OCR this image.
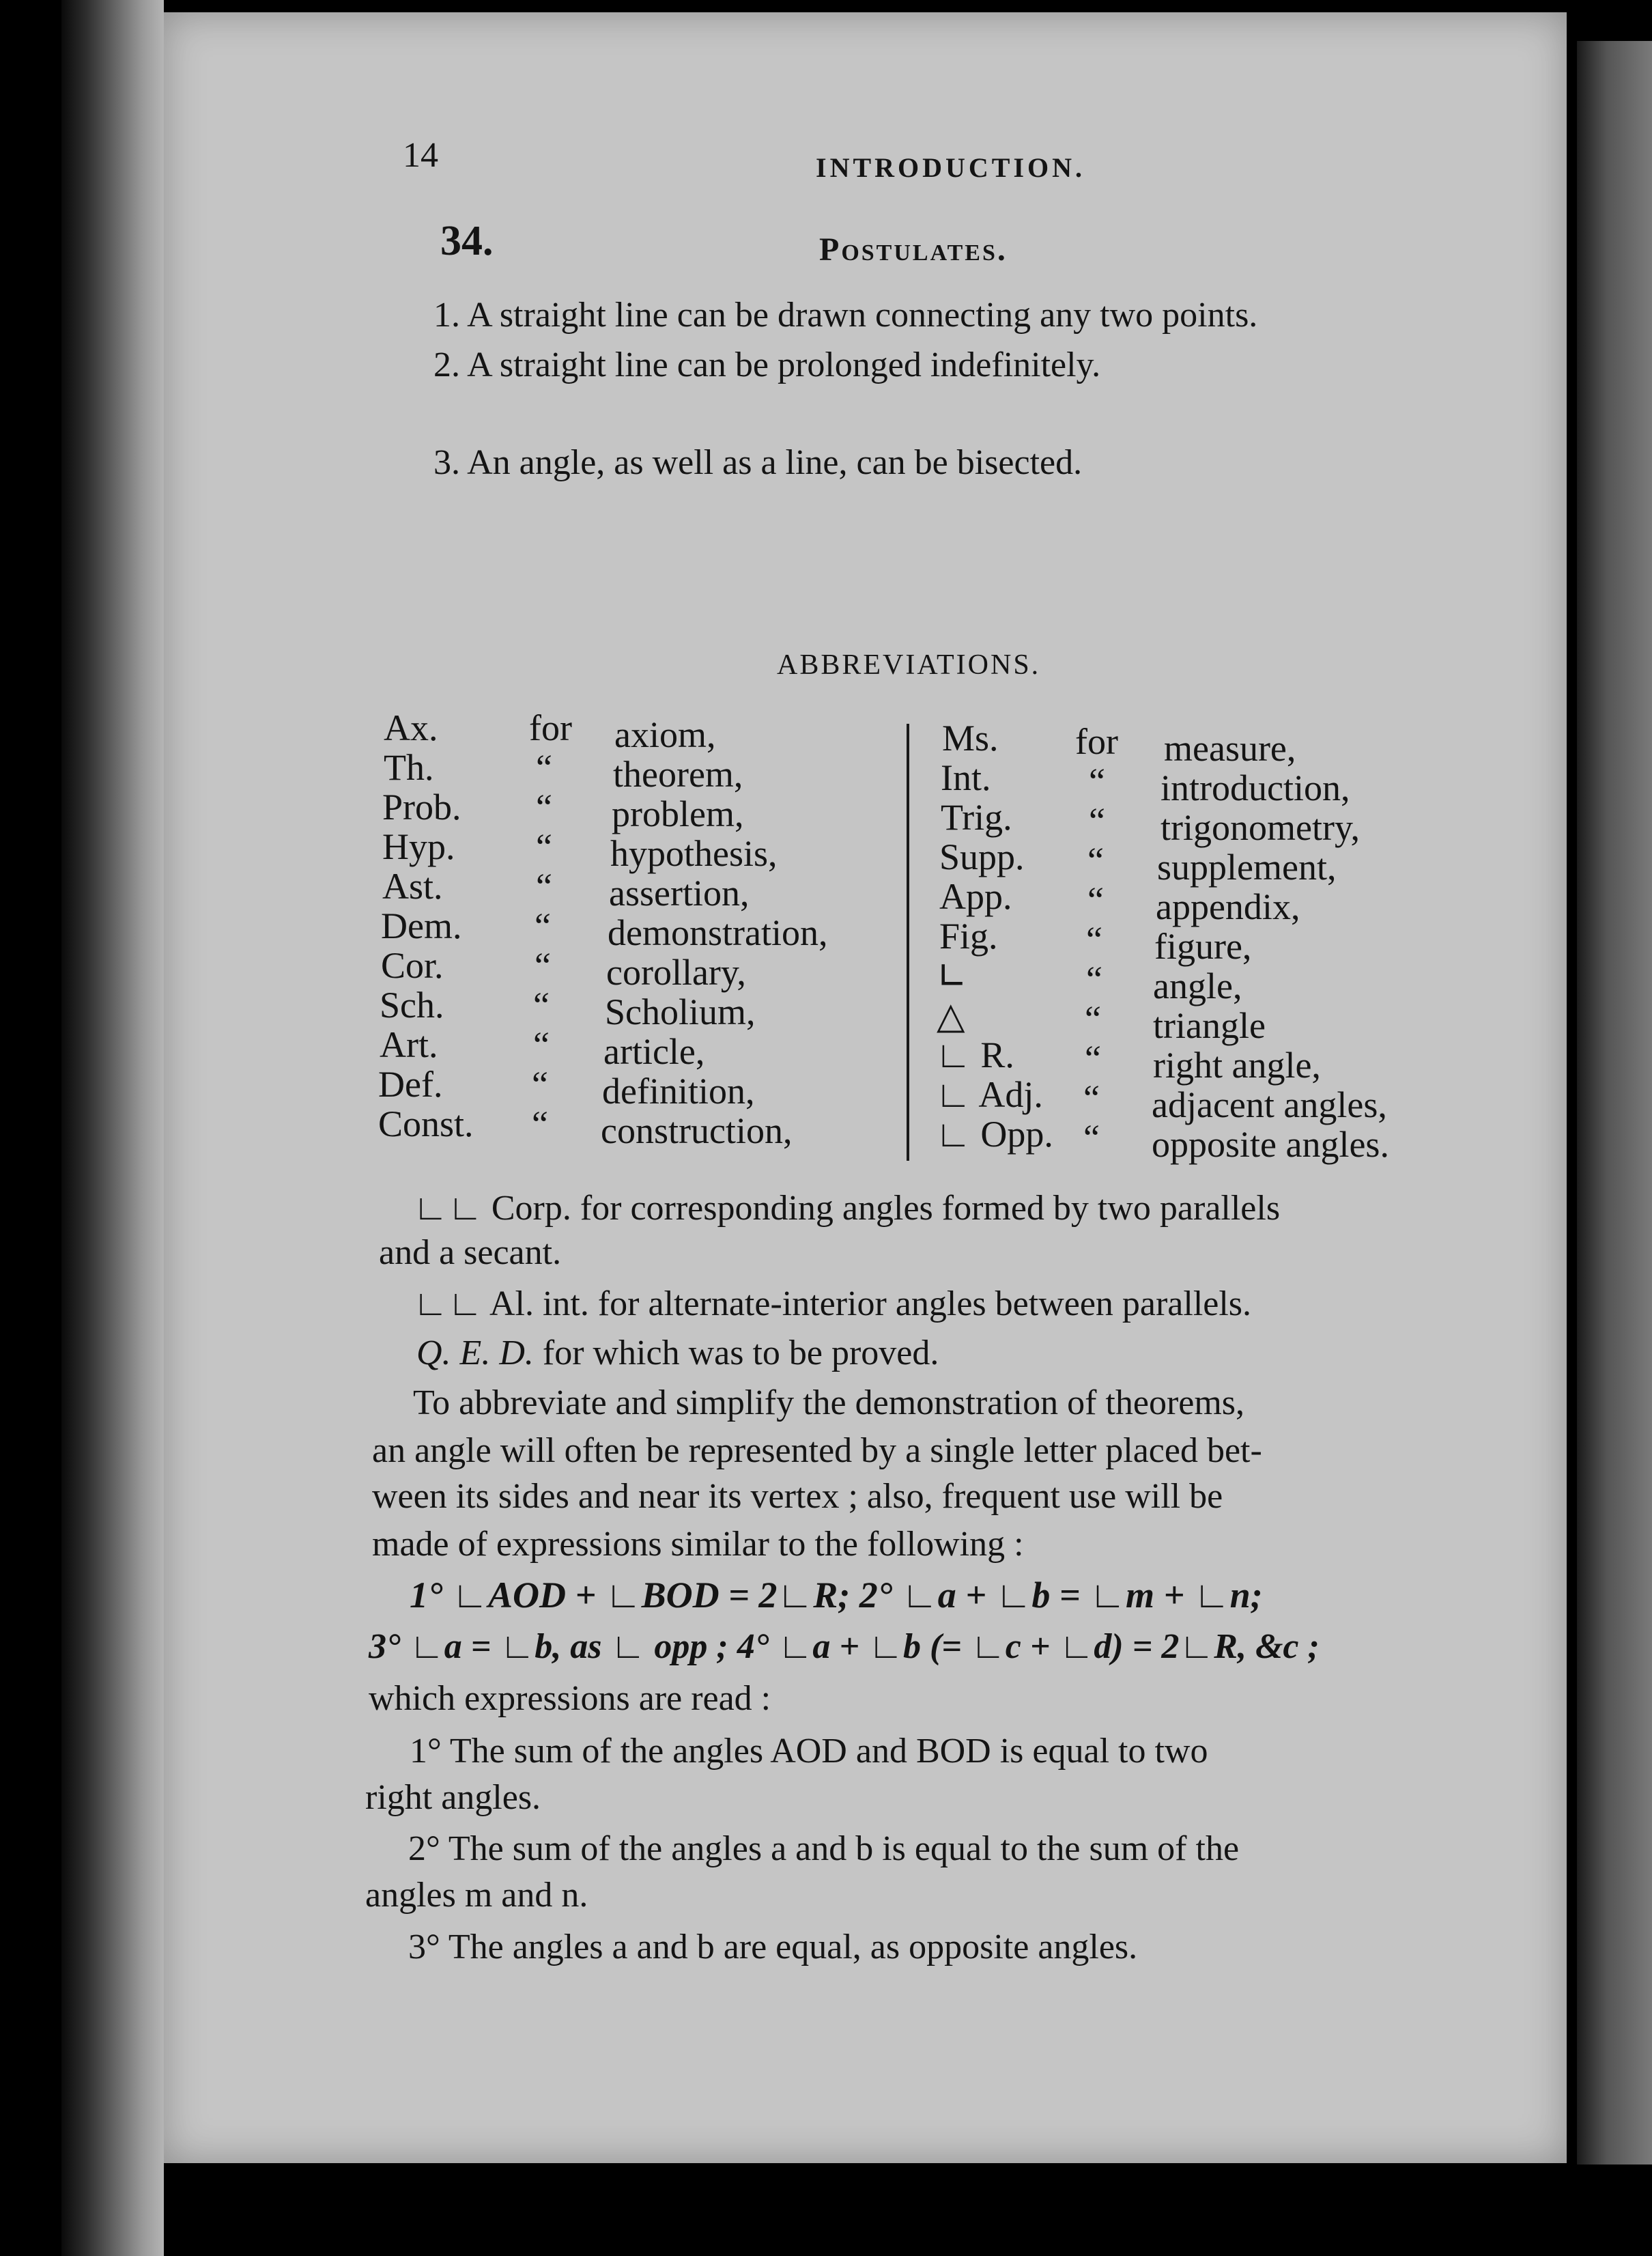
14	INTRODUCTION.
34.	Postulates.
1. A straight line can be drawn connecting any two points.
2. A straight line can be prolonged indefinitely.
3. An angle, as well as a line, can be bisected.
ABBREVIATIONS.
Ax. for axiom,
Th.	“ theorem,
Prob. “ problem,
Hyp. “ hypothesis,
Ast.	“ assertion,
Dem. “ demonstration,
Cor. “ corollary,
Sch. “ Scholium,
Art.	“ article,
Def. “ definition,
Const. “ construction,
Ms. for measure,
Int.	“ introduction,
Trig. “ trigonometry,
Supp. “ supplement,
App. “ appendix,
Fig. “ figure,
∟	“ angle,
△	“ triangle
∟ R. “ right angle,
∟ Adj. “ adjacent angles,
∟ Opp. “ opposite angles.
∟∟ Corp. for corresponding angles formed by two parallels
and a secant.
∟∟ Al. int. for alternate-interior angles between parallels.
Q. E. D. for which was to be proved.
To abbreviate and simplify the demonstration of theorems,
an angle will often be represented by a single letter placed bet-
ween its sides and near its vertex ; also, frequent use will be
made of expressions similar to the following :
1° ∟AOD + ∟BOD = 2∟R; 2° ∟a + ∟b = ∟m + ∟n;
3° ∟a = ∟b, as ∟ opp ; 4° ∟a + ∟b (= ∟c + ∟d) = 2∟R, &c ;
which expressions are read :
1° The sum of the angles AOD and BOD is equal to two
right angles.
2° The sum of the angles a and b is equal to the sum of the
angles m and n.
3° The angles a and b are equal, as opposite angles.
